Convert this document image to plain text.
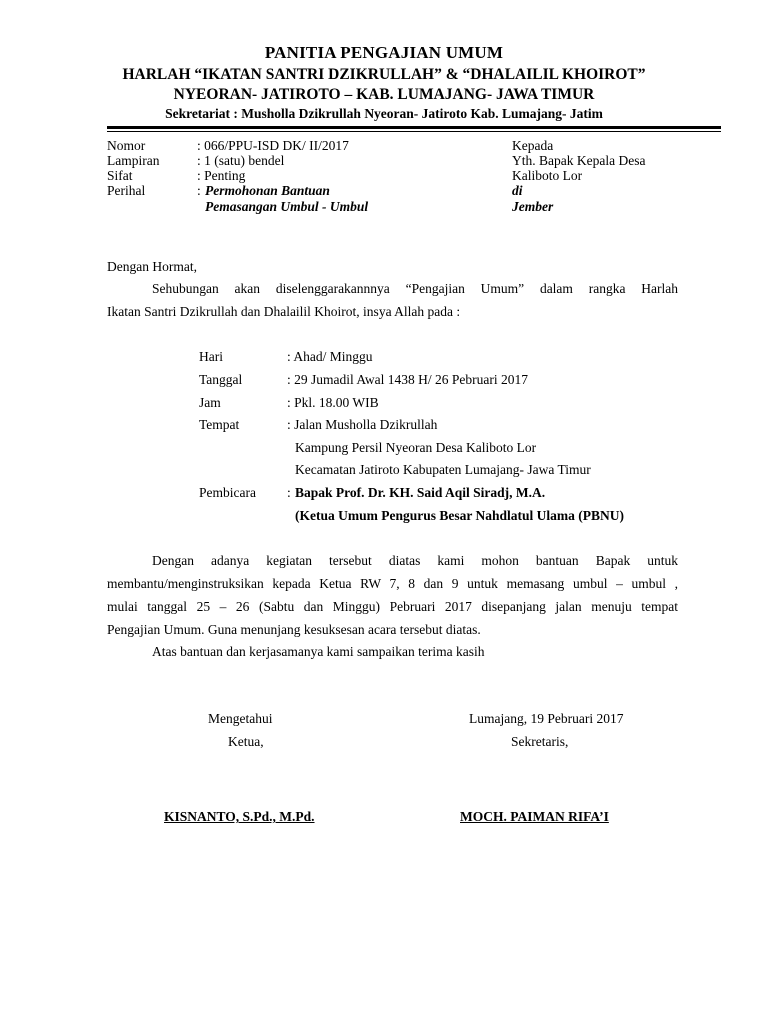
PANITIA PENGAJIAN UMUM
HARLAH “IKATAN SANTRI DZIKRULLAH” & “DHALAILIL KHOIROT”
NYEORAN- JATIROTO – KAB. LUMAJANG- JAWA TIMUR
Sekretariat : Musholla Dzikrullah Nyeoran- Jatiroto Kab. Lumajang- Jatim
Nomor	: 066/PPU-ISD DK/ II/2017
Lampiran	: 1 (satu) bendel
Sifat	: Penting
Perihal	: Permohonan Bantuan
Pemasangan Umbul - Umbul
Kepada
Yth. Bapak Kepala Desa
Kaliboto Lor
di
Jember
Dengan Hormat,
Sehubungan akan diselenggarakannnya “Pengajian Umum” dalam rangka Harlah
Ikatan Santri Dzikrullah dan Dhalailil Khoirot, insya Allah pada :
Hari	: Ahad/ Minggu
Tanggal	: 29 Jumadil Awal 1438 H/ 26 Pebruari 2017
Jam	: Pkl. 18.00 WIB
Tempat	: Jalan Musholla Dzikrullah
Kampung Persil Nyeoran Desa Kaliboto Lor
Kecamatan Jatiroto Kabupaten Lumajang- Jawa Timur
Pembicara : Bapak Prof. Dr. KH. Said Aqil Siradj, M.A.
(Ketua Umum Pengurus Besar Nahdlatul Ulama (PBNU)
Dengan adanya kegiatan tersebut diatas kami mohon bantuan Bapak untuk
membantu/menginstruksikan kepada Ketua RW 7, 8 dan 9 untuk memasang umbul – umbul ,
mulai tanggal 25 – 26 (Sabtu dan Minggu) Pebruari 2017 disepanjang jalan menuju tempat
Pengajian Umum. Guna menunjang kesuksesan acara tersebut diatas.
Atas bantuan dan kerjasamanya kami sampaikan terima kasih
Mengetahui
Ketua,
KISNANTO, S.Pd., M.Pd.
Lumajang, 19 Pebruari 2017
Sekretaris,
MOCH. PAIMAN RIFA’I
